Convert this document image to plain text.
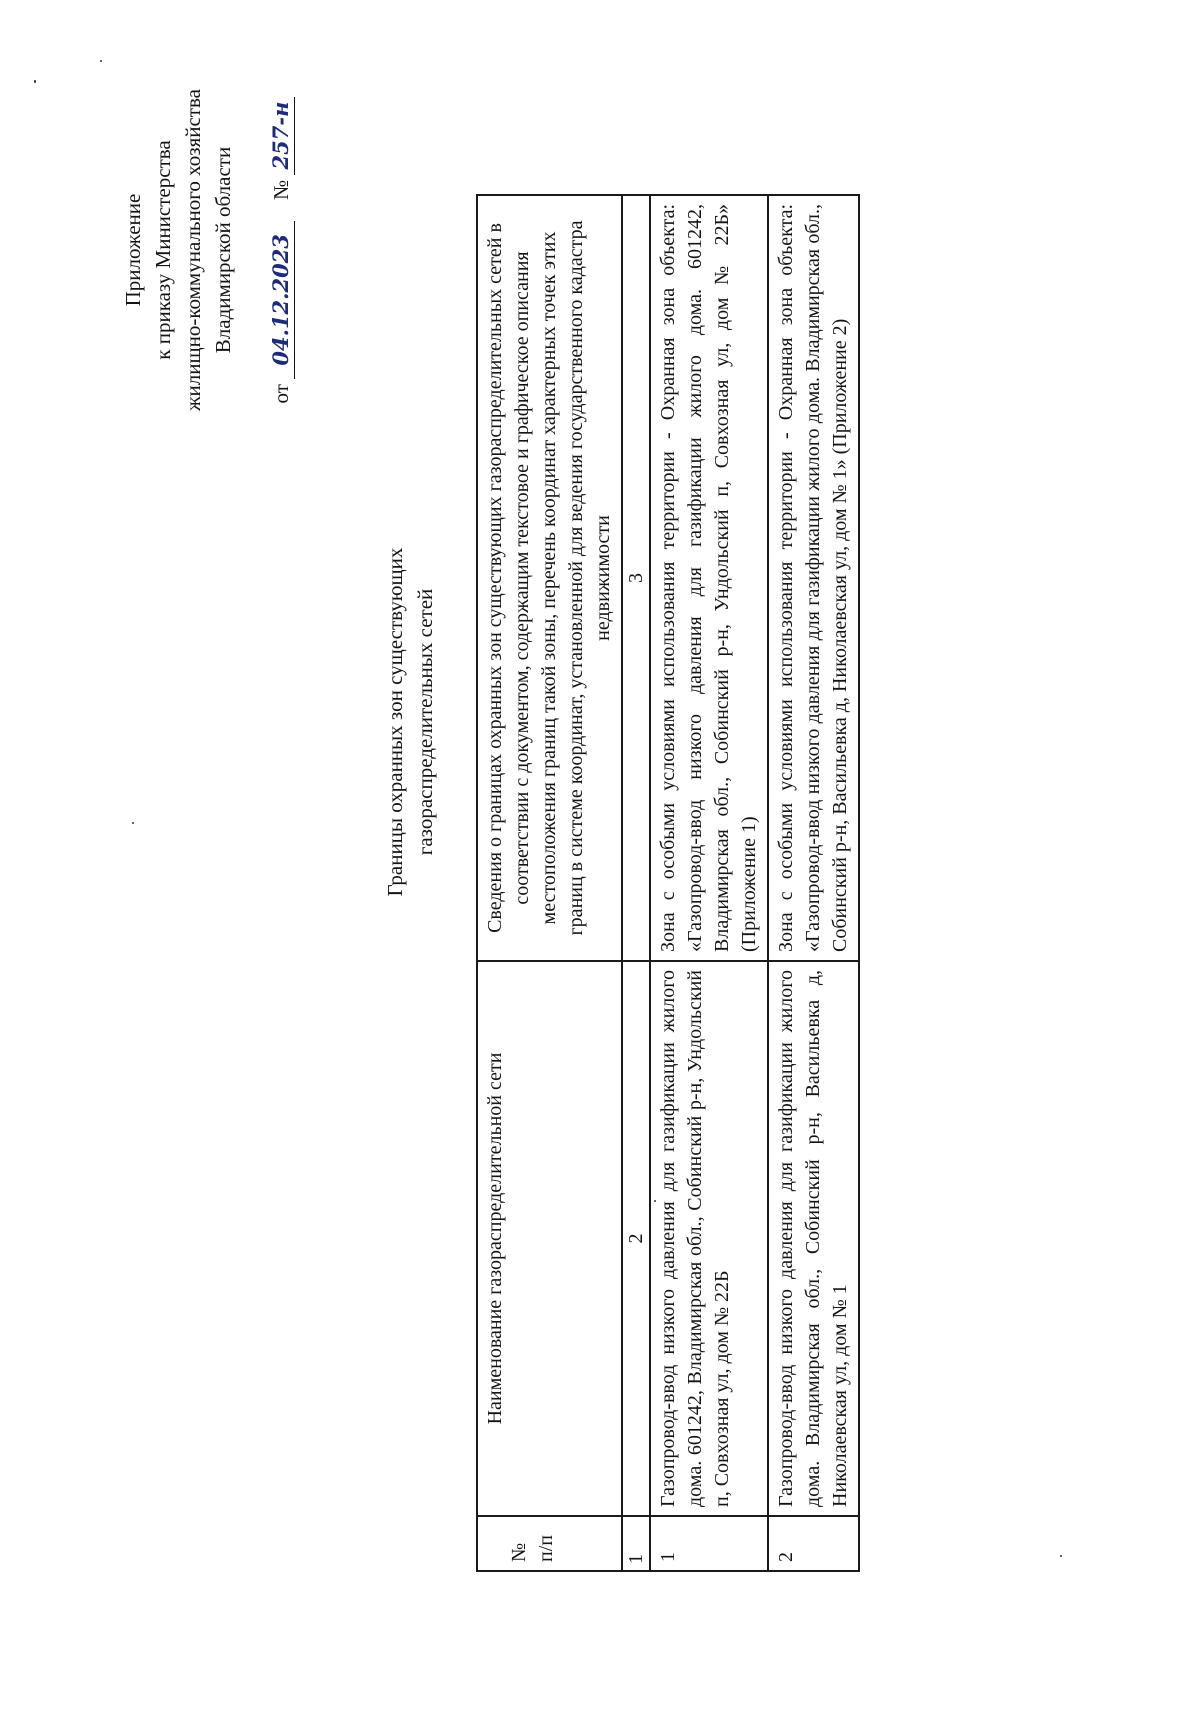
Приложение к приказу Министерства жилищно-коммунального хозяйства Владимирской области
от 04.12.2023    № 257-н
Границы охранных зон существующих газораспределительных сетей
№ п/п	Наименование газораспределительной сети	Сведения о границах охранных зон существующих газораспределительных сетей в соответствии с документом, содержащим текстовое и графическое описания местоположения границ такой зоны, перечень координат характерных точек этих границ в системе координат, установленной для ведения государственного кадастра недвижимости
1	2	3
1	Газопровод-ввод низкого давления для газификации жилого дома. 601242, Владимирская обл., Собинский р-н, Ундольский п, Совхозная ул, дом № 22Б	Зона с особыми условиями использования территории - Охранная зона объекта: «Газопровод-ввод низкого давления для газификации жилого дома. 601242, Владимирская обл., Собинский р-н, Ундольский п, Совхозная ул, дом № 22Б» (Приложение 1)
2	Газопровод-ввод низкого давления для газификации жилого дома. Владимирская обл., Собинский р-н, Васильевка д, Николаевская ул, дом № 1	Зона с особыми условиями использования территории - Охранная зона объекта: «Газопровод-ввод низкого давления для газификации жилого дома. Владимирская обл., Собинский р-н, Васильевка д, Николаевская ул, дом № 1» (Приложение 2)
